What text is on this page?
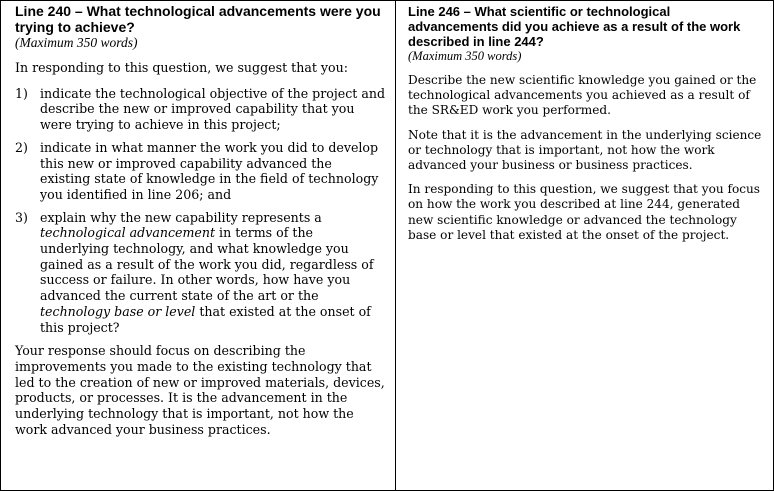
Line 240 – What technological advancements were you trying to achieve?

(Maximum 350 words)

In responding to this question, we suggest that you:

1) indicate the technological objective of the project and describe the new or improved capability that you were trying to achieve in this project;
2) indicate in what manner the work you did to develop this new or improved capability advanced the existing state of knowledge in the field of technology you identified in line 206; and
3) explain why the new capability represents a technological advancement in terms of the underlying technology, and what knowledge you gained as a result of the work you did, regardless of success or failure. In other words, how have you advanced the current state of the art or the technology base or level that existed at the onset of this project?

Your response should focus on describing the improvements you made to the existing technology that led to the creation of new or improved materials, devices, products, or processes. It is the advancement in the underlying technology that is important, not how the work advanced your business practices.

Line 246 – What scientific or technological advancements did you achieve as a result of the work described in line 244?

(Maximum 350 words)

Describe the new scientific knowledge you gained or the technological advancements you achieved as a result of the SR&ED work you performed.

Note that it is the advancement in the underlying science or technology that is important, not how the work advanced your business or business practices.

In responding to this question, we suggest that you focus on how the work you described at line 244, generated new scientific knowledge or advanced the technology base or level that existed at the onset of the project.
